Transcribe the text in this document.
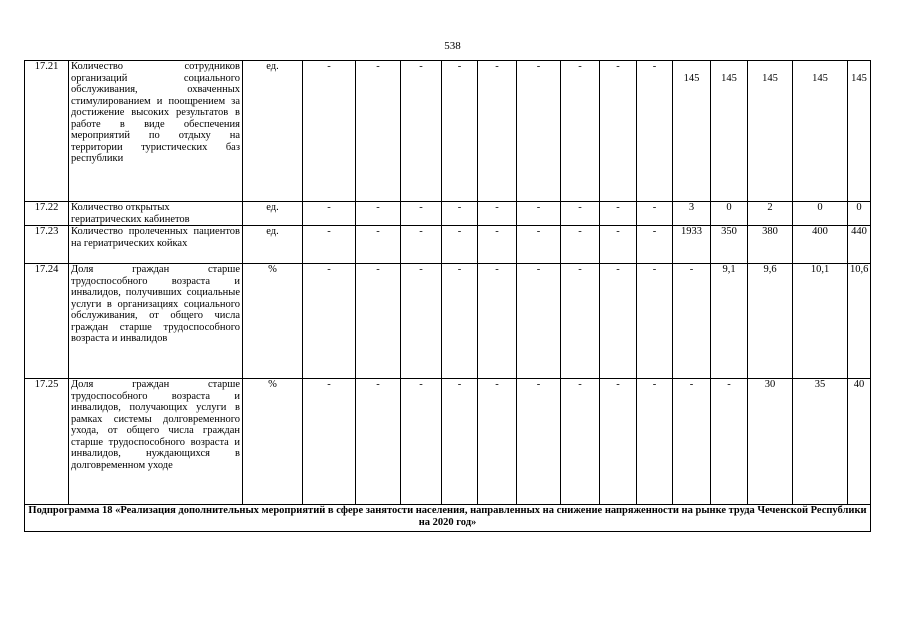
538
17.21	Количество сотрудников организаций социального обслуживания, охваченных стимулированием и поощрением за достижение высоких результатов в работе в виде обеспечения мероприятий по отдыху на территории туристических баз республики	ед.	-	-	-	-	-	-	-	-	-	145	145	145	145	145
17.22	Количество открытых гериатрических кабинетов	ед.	-	-	-	-	-	-	-	-	-	3	0	2	0	0
17.23	Количество пролеченных пациентов на гериатрических койках	ед.	-	-	-	-	-	-	-	-	-	1933	350	380	400	440
17.24	Доля граждан старше трудоспособного возраста и инвалидов, получивших социальные услуги в организациях социального обслуживания, от общего числа граждан старше трудоспособного возраста и инвалидов	%	-	-	-	-	-	-	-	-	-	-	9,1	9,6	10,1	10,6
17.25	Доля граждан старше трудоспособного возраста и инвалидов, получающих услуги в рамках системы долговременного ухода, от общего числа граждан старше трудоспособного возраста и инвалидов, нуждающихся в долговременном уходе	%	-	-	-	-	-	-	-	-	-	-	-	30	35	40
Подпрограмма 18 «Реализация дополнительных мероприятий в сфере занятости населения, направленных на снижение напряженности на рынке труда Чеченской Республики на 2020 год»																
